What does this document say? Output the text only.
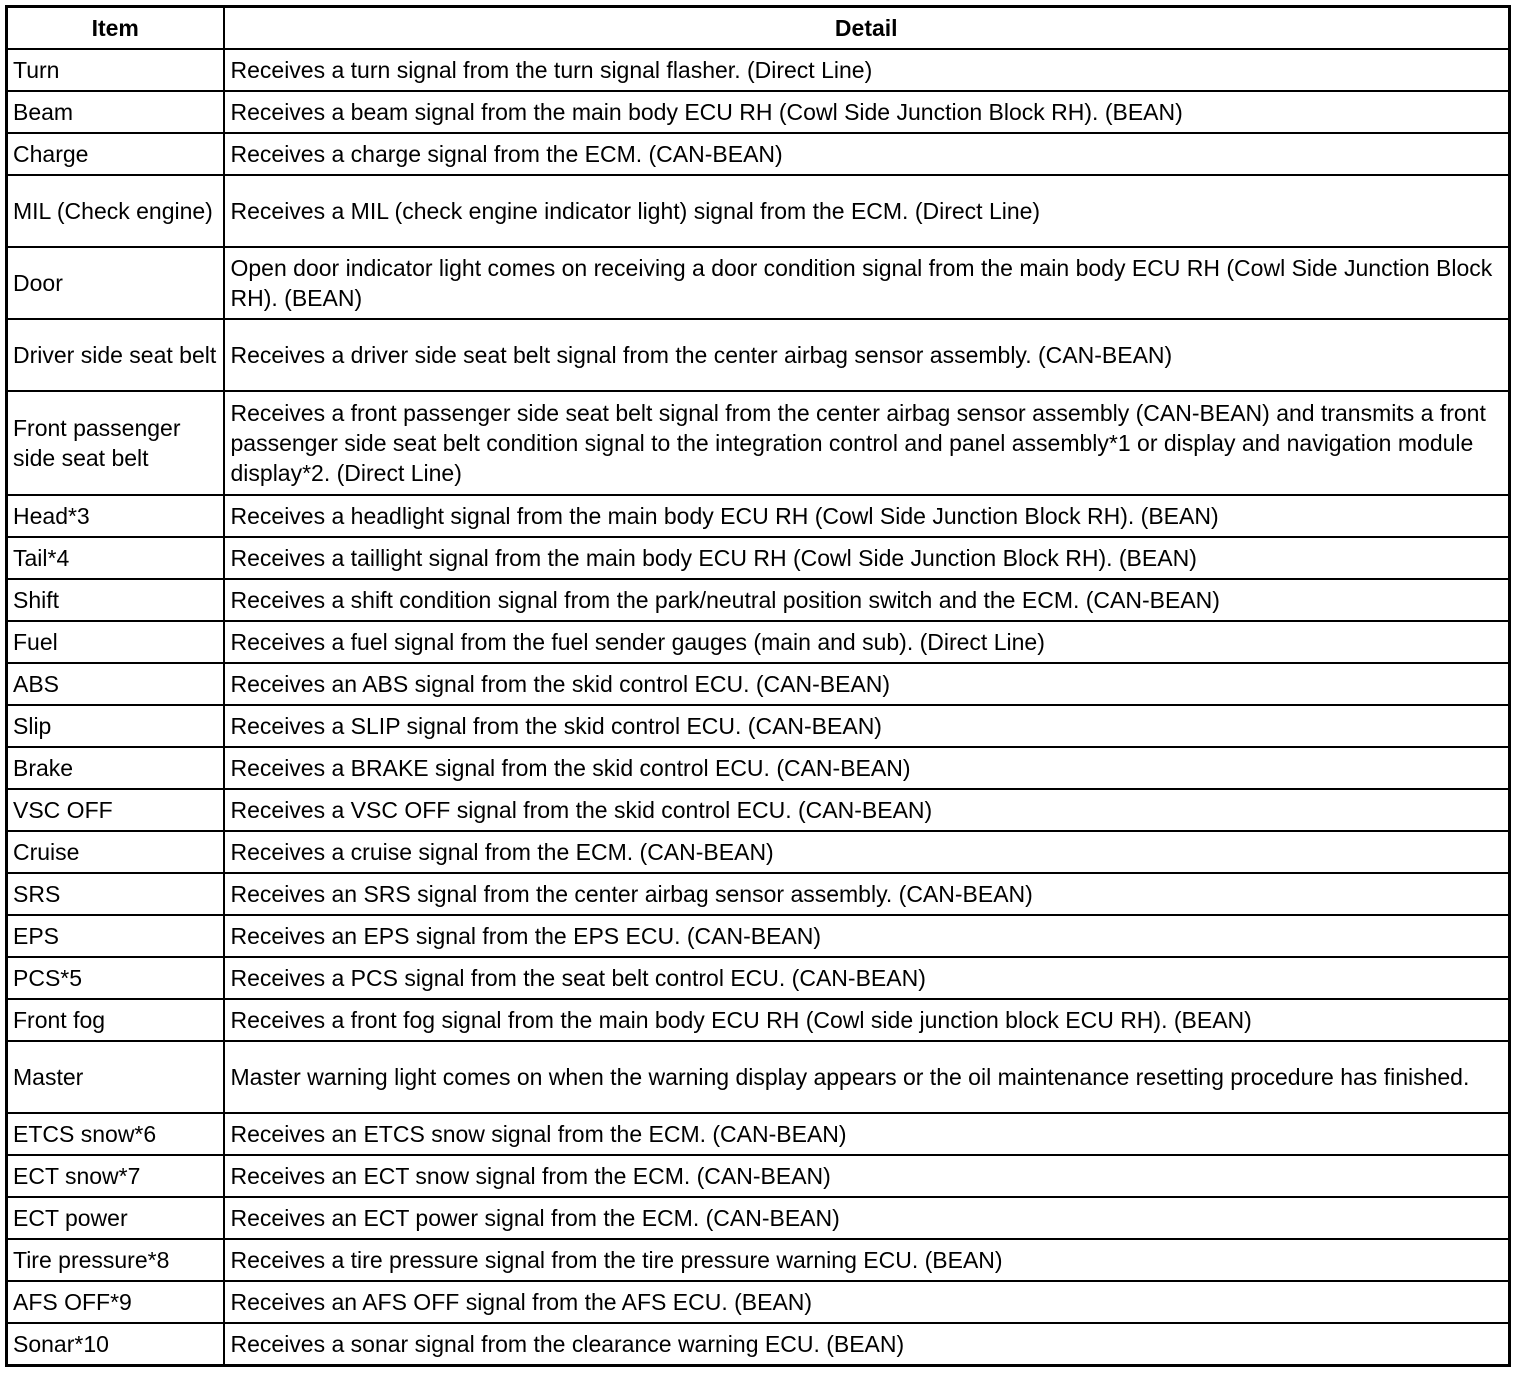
Item	Detail
Turn	Receives a turn signal from the turn signal flasher. (Direct Line)
Beam	Receives a beam signal from the main body ECU RH (Cowl Side Junction Block RH). (BEAN)
Charge	Receives a charge signal from the ECM. (CAN-BEAN)
MIL (Check engine)	Receives a MIL (check engine indicator light) signal from the ECM. (Direct Line)
Door	Open door indicator light comes on receiving a door condition signal from the main body ECU RH (Cowl Side Junction Block RH). (BEAN)
Driver side seat belt	Receives a driver side seat belt signal from the center airbag sensor assembly. (CAN-BEAN)
Front passenger side seat belt	Receives a front passenger side seat belt signal from the center airbag sensor assembly (CAN-BEAN) and transmits a front passenger side seat belt condition signal to the integration control and panel assembly*1 or display and navigation module display*2. (Direct Line)
Head*3	Receives a headlight signal from the main body ECU RH (Cowl Side Junction Block RH). (BEAN)
Tail*4	Receives a taillight signal from the main body ECU RH (Cowl Side Junction Block RH). (BEAN)
Shift	Receives a shift condition signal from the park/neutral position switch and the ECM. (CAN-BEAN)
Fuel	Receives a fuel signal from the fuel sender gauges (main and sub). (Direct Line)
ABS	Receives an ABS signal from the skid control ECU. (CAN-BEAN)
Slip	Receives a SLIP signal from the skid control ECU. (CAN-BEAN)
Brake	Receives a BRAKE signal from the skid control ECU. (CAN-BEAN)
VSC OFF	Receives a VSC OFF signal from the skid control ECU. (CAN-BEAN)
Cruise	Receives a cruise signal from the ECM. (CAN-BEAN)
SRS	Receives an SRS signal from the center airbag sensor assembly. (CAN-BEAN)
EPS	Receives an EPS signal from the EPS ECU. (CAN-BEAN)
PCS*5	Receives a PCS signal from the seat belt control ECU. (CAN-BEAN)
Front fog	Receives a front fog signal from the main body ECU RH (Cowl side junction block ECU RH). (BEAN)
Master	Master warning light comes on when the warning display appears or the oil maintenance resetting procedure has finished.
ETCS snow*6	Receives an ETCS snow signal from the ECM. (CAN-BEAN)
ECT snow*7	Receives an ECT snow signal from the ECM. (CAN-BEAN)
ECT power	Receives an ECT power signal from the ECM. (CAN-BEAN)
Tire pressure*8	Receives a tire pressure signal from the tire pressure warning ECU. (BEAN)
AFS OFF*9	Receives an AFS OFF signal from the AFS ECU. (BEAN)
Sonar*10	Receives a sonar signal from the clearance warning ECU. (BEAN)
